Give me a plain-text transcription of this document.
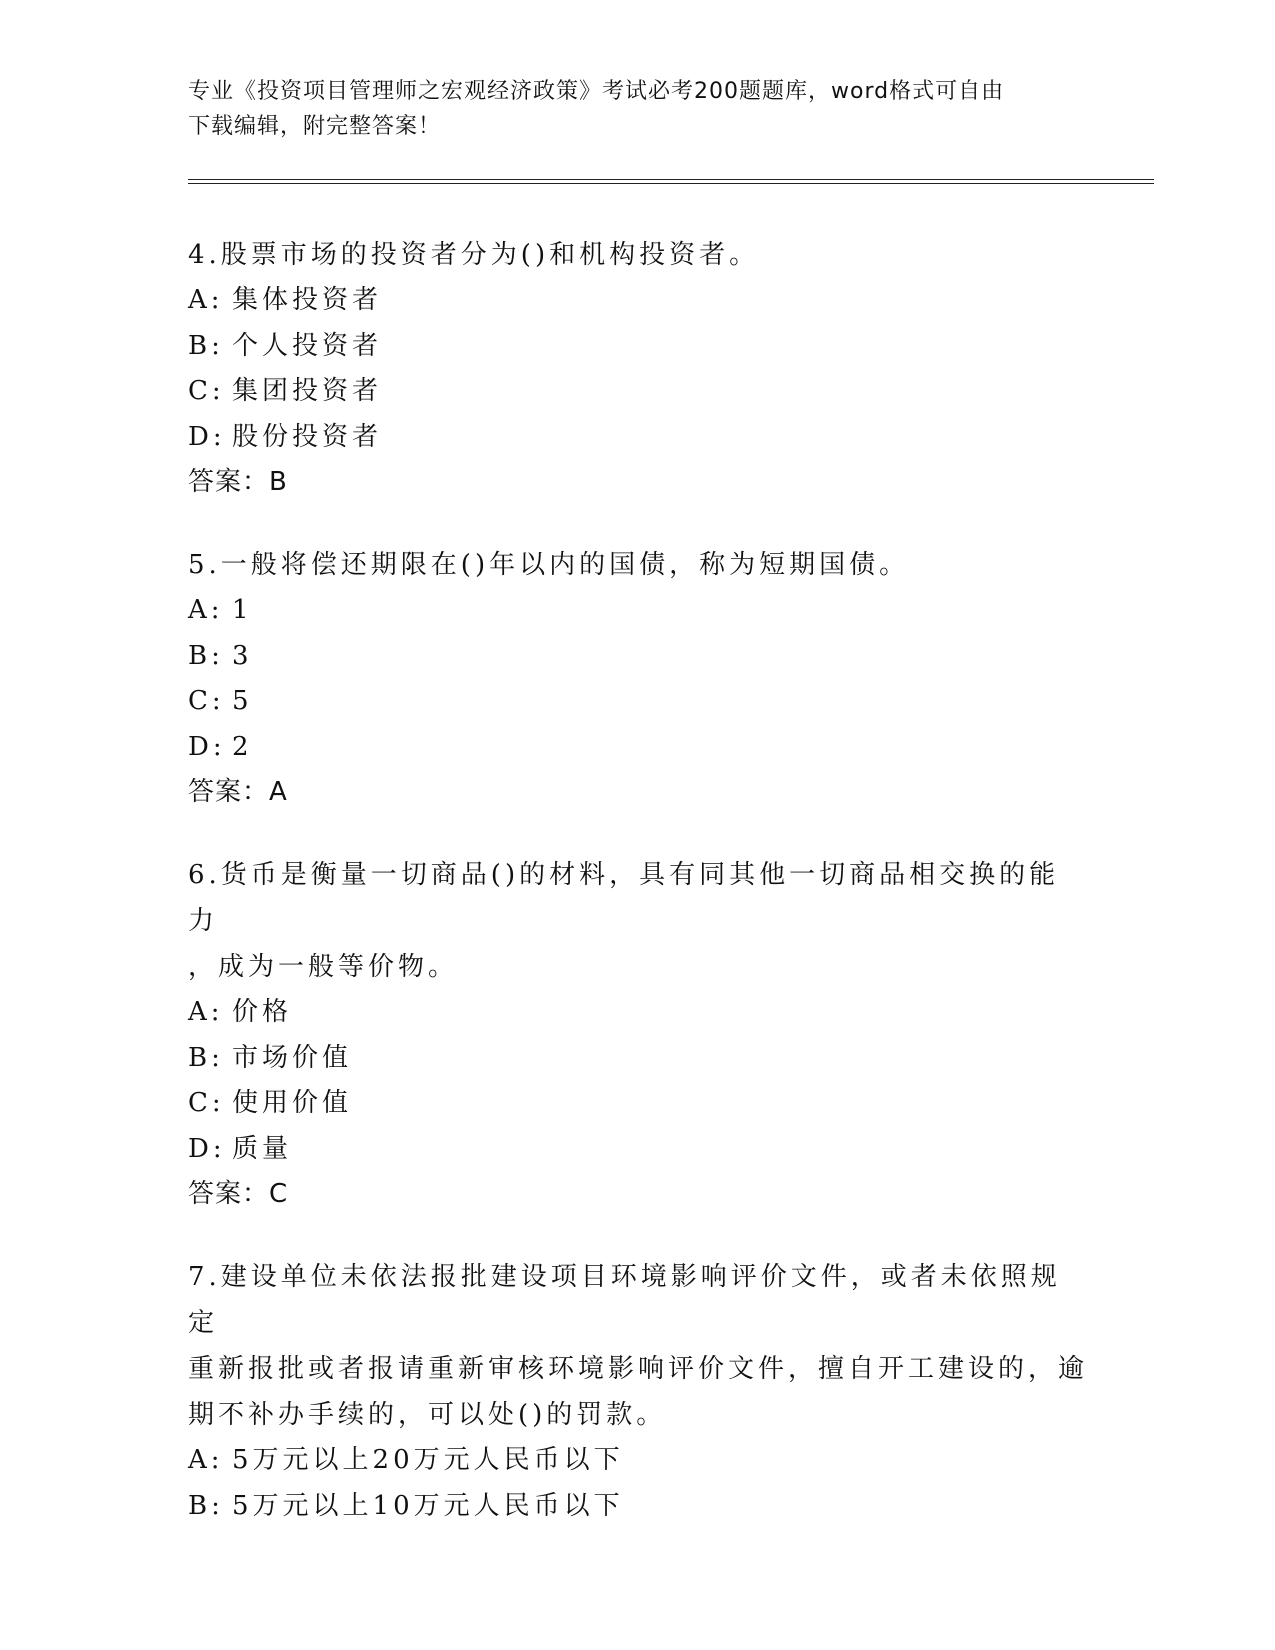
专业《投资项目管理师之宏观经济政策》考试必考200题题库，word格式可自由
下载编辑，附完整答案！

4.股票市场的投资者分为()和机构投资者。

A: 集体投资者

B: 个人投资者

C: 集团投资者

D: 股份投资者

答案：B

5.一般将偿还期限在()年以内的国债，称为短期国债。

A: 1

B: 3

C: 5

D: 2

答案：A

6.货币是衡量一切商品()的材料，具有同其他一切商品相交换的能力

，成为一般等价物。

A: 价格

B: 市场价值

C: 使用价值

D: 质量

答案：C

7.建设单位未依法报批建设项目环境影响评价文件，或者未依照规定

重新报批或者报请重新审核环境影响评价文件，擅自开工建设的，逾

期不补办手续的，可以处()的罚款。

A: 5万元以上20万元人民币以下

B: 5万元以上10万元人民币以下
